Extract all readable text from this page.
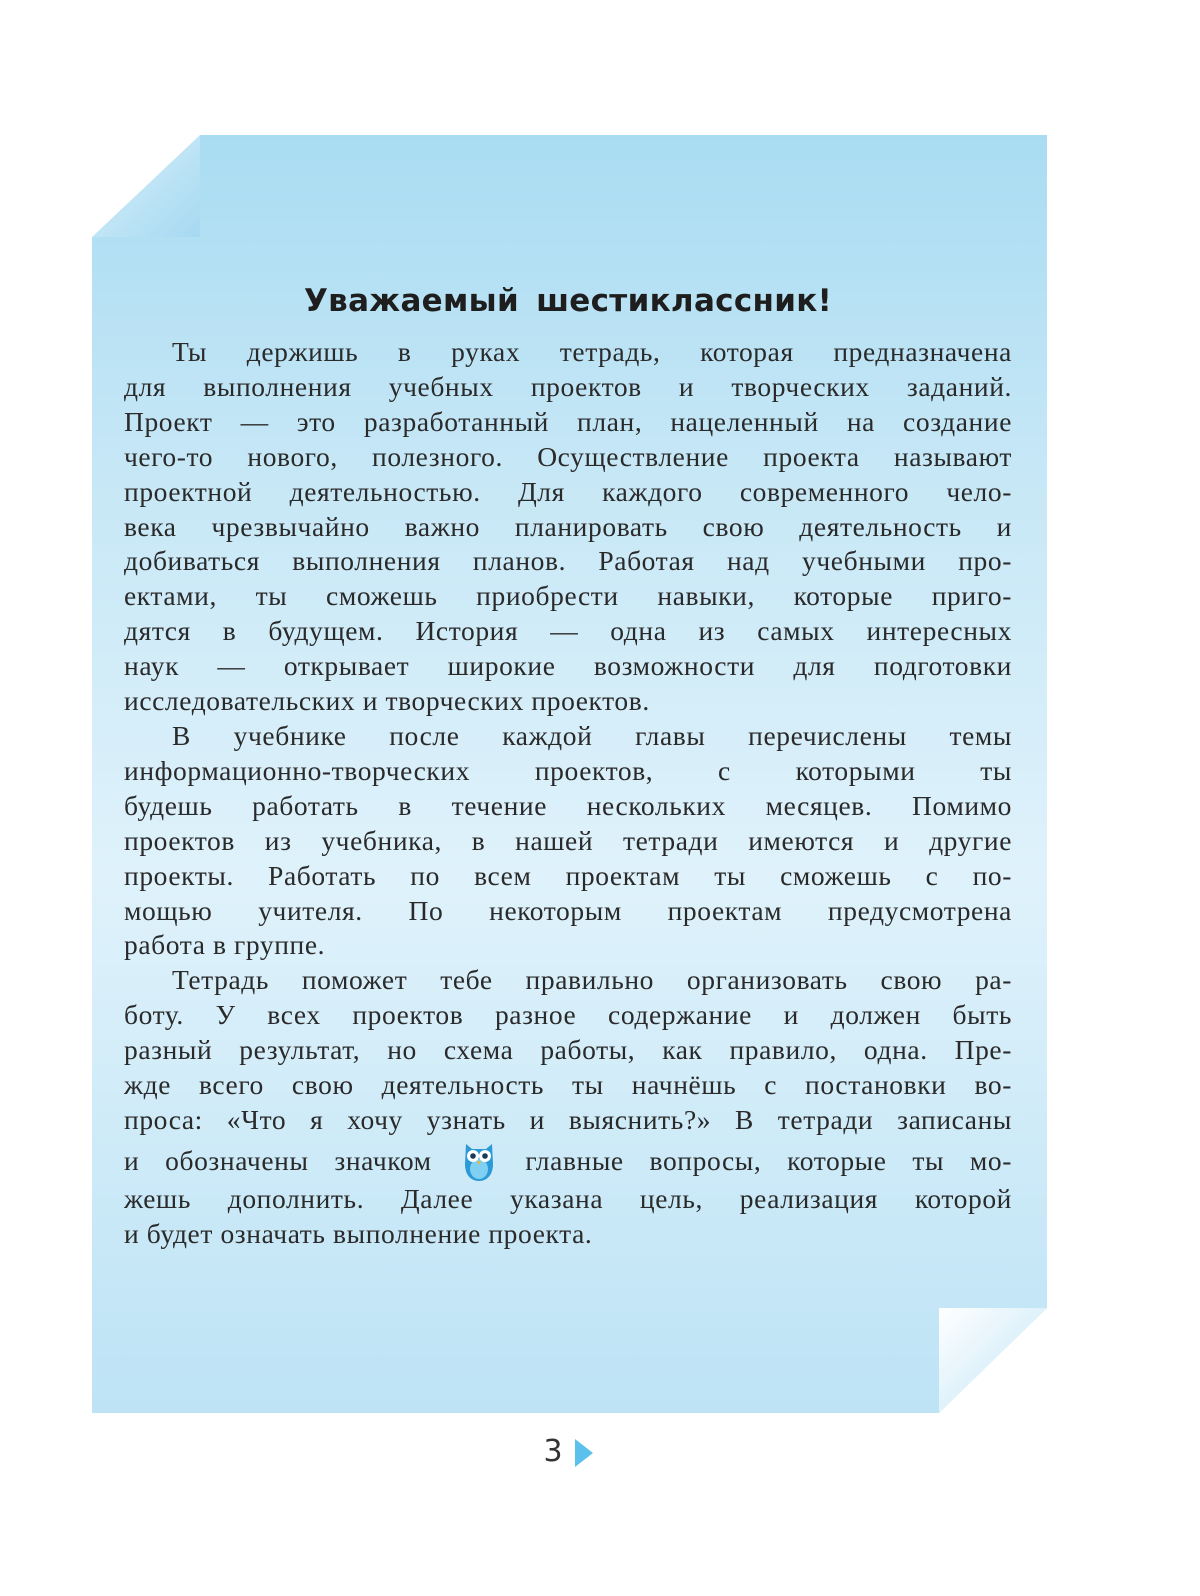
Уважаемый шестиклассник!

Ты держишь в руках тетрадь, которая предназначена
для выполнения учебных проектов и творческих заданий.
Проект — это разработанный план, нацеленный на создание
чего-то нового, полезного. Осуществление проекта называют
проектной деятельностью. Для каждого современного чело-
века чрезвычайно важно планировать свою деятельность и
добиваться выполнения планов. Работая над учебными про-
ектами, ты сможешь приобрести навыки, которые приго-
дятся в будущем. История — одна из самых интересных
наук — открывает широкие возможности для подготовки
исследовательских и творческих проектов.

В учебнике после каждой главы перечислены темы
информационно-творческих проектов, с которыми ты
будешь работать в течение нескольких месяцев. Помимо
проектов из учебника, в нашей тетради имеются и другие
проекты. Работать по всем проектам ты сможешь с по-
мощью учителя. По некоторым проектам предусмотрена
работа в группе.

Тетрадь поможет тебе правильно организовать свою ра-
боту. У всех проектов разное содержание и должен быть
разный результат, но схема работы, как правило, одна. Пре-
жде всего свою деятельность ты начнёшь с постановки во-
проса: «Что я хочу узнать и выяснить?» В тетради записаны
и обозначены значком	главные вопросы, которые ты мо-
жешь дополнить. Далее указана цель, реализация которой
и будет означать выполнение проекта.

3
